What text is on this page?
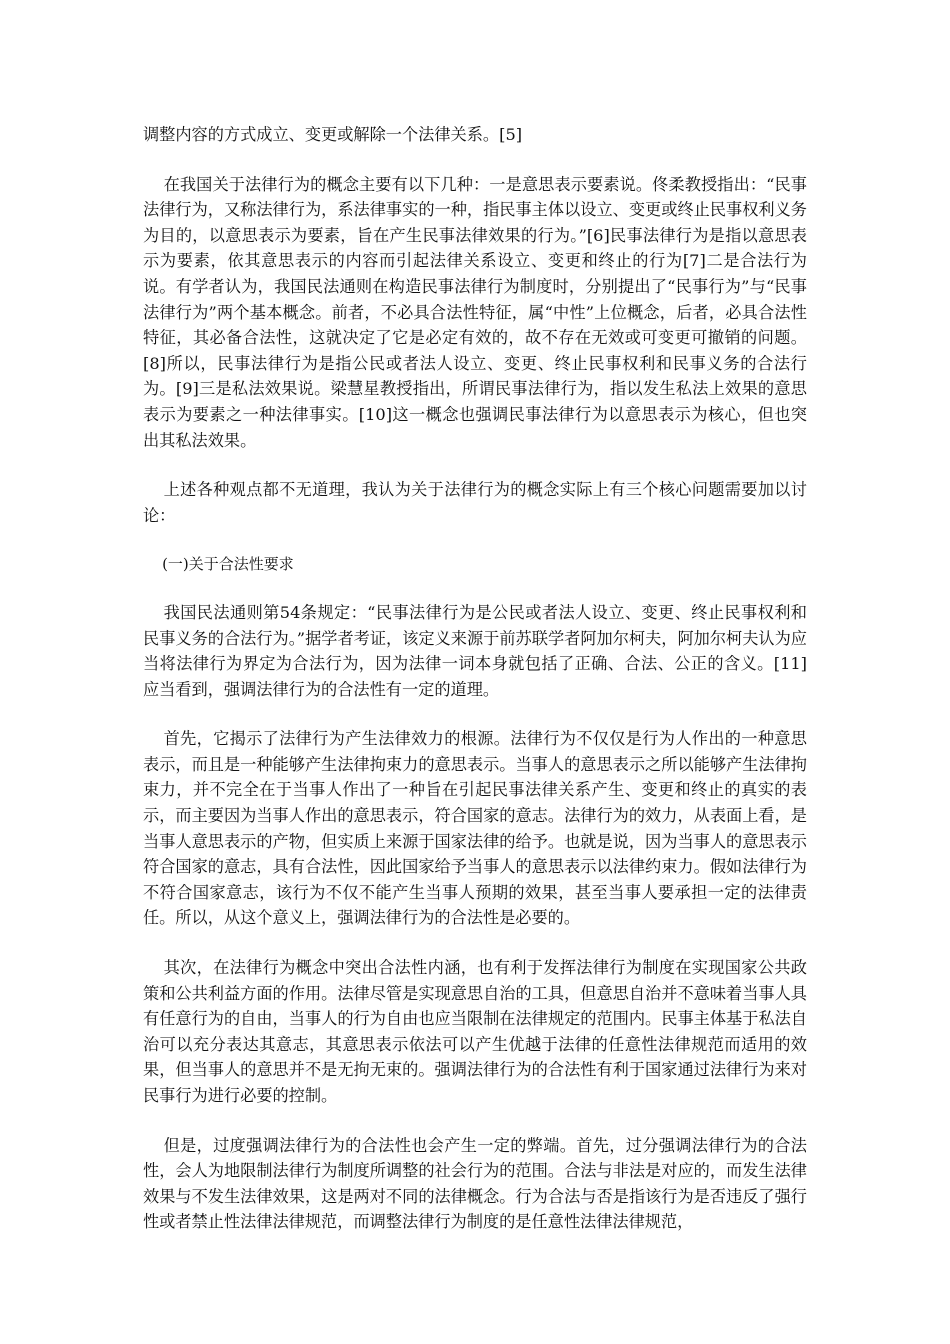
调整内容的方式成立、变更或解除一个法律关系。[5]

在我国关于法律行为的概念主要有以下几种：一是意思表示要素说。佟柔教授指出：“民事法律行为，又称法律行为，系法律事实的一种，指民事主体以设立、变更或终止民事权利义务为目的，以意思表示为要素，旨在产生民事法律效果的行为。”[6]民事法律行为是指以意思表示为要素，依其意思表示的内容而引起法律关系设立、变更和终止的行为[7]二是合法行为说。有学者认为，我国民法通则在构造民事法律行为制度时，分别提出了“民事行为”与“民事法律行为”两个基本概念。前者，不必具合法性特征，属“中性”上位概念，后者，必具合法性特征，其必备合法性，这就决定了它是必定有效的，故不存在无效或可变更可撤销的问题。[8]所以，民事法律行为是指公民或者法人设立、变更、终止民事权利和民事义务的合法行为。[9]三是私法效果说。梁慧星教授指出，所谓民事法律行为，指以发生私法上效果的意思表示为要素之一种法律事实。[10]这一概念也强调民事法律行为以意思表示为核心，但也突出其私法效果。

上述各种观点都不无道理，我认为关于法律行为的概念实际上有三个核心问题需要加以讨论：

(一)关于合法性要求

我国民法通则第54条规定：“民事法律行为是公民或者法人设立、变更、终止民事权利和民事义务的合法行为。”据学者考证，该定义来源于前苏联学者阿加尔柯夫，阿加尔柯夫认为应当将法律行为界定为合法行为，因为法律一词本身就包括了正确、合法、公正的含义。[11]应当看到，强调法律行为的合法性有一定的道理。

首先，它揭示了法律行为产生法律效力的根源。法律行为不仅仅是行为人作出的一种意思表示，而且是一种能够产生法律拘束力的意思表示。当事人的意思表示之所以能够产生法律拘束力，并不完全在于当事人作出了一种旨在引起民事法律关系产生、变更和终止的真实的表示，而主要因为当事人作出的意思表示，符合国家的意志。法律行为的效力，从表面上看，是当事人意思表示的产物，但实质上来源于国家法律的给予。也就是说，因为当事人的意思表示符合国家的意志，具有合法性，因此国家给予当事人的意思表示以法律约束力。假如法律行为不符合国家意志，该行为不仅不能产生当事人预期的效果，甚至当事人要承担一定的法律责任。所以，从这个意义上，强调法律行为的合法性是必要的。

其次，在法律行为概念中突出合法性内涵，也有利于发挥法律行为制度在实现国家公共政策和公共利益方面的作用。法律尽管是实现意思自治的工具，但意思自治并不意味着当事人具有任意行为的自由，当事人的行为自由也应当限制在法律规定的范围内。民事主体基于私法自治可以充分表达其意志，其意思表示依法可以产生优越于法律的任意性法律规范而适用的效果，但当事人的意思并不是无拘无束的。强调法律行为的合法性有利于国家通过法律行为来对民事行为进行必要的控制。

但是，过度强调法律行为的合法性也会产生一定的弊端。首先，过分强调法律行为的合法性，会人为地限制法律行为制度所调整的社会行为的范围。合法与非法是对应的，而发生法律效果与不发生法律效果，这是两对不同的法律概念。行为合法与否是指该行为是否违反了强行性或者禁止性法律法律规范，而调整法律行为制度的是任意性法律法律规范，
